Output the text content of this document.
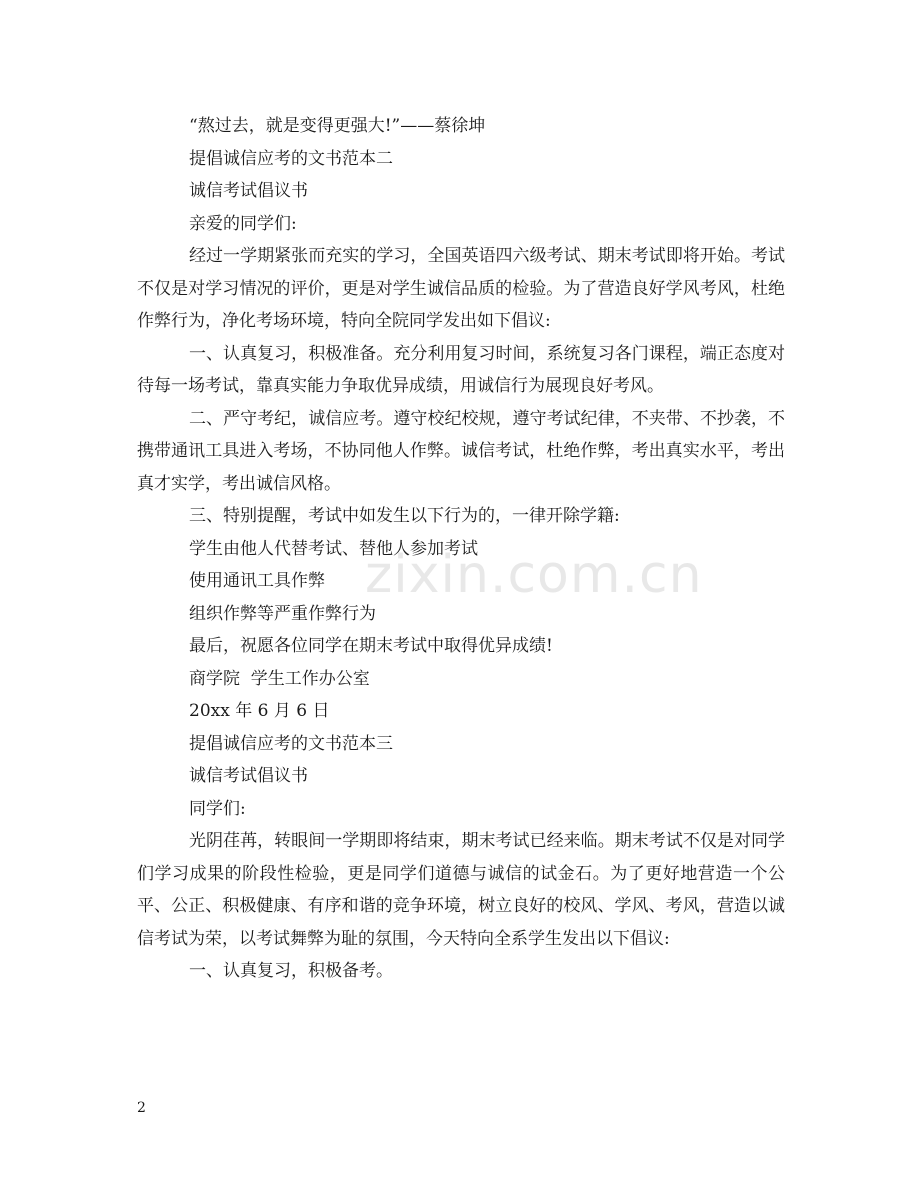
“熬过去，就是变得更强大!”——蔡徐坤

提倡诚信应考的文书范本二

诚信考试倡议书

亲爱的同学们:

经过一学期紧张而充实的学习，全国英语四六级考试、期末考试即将开始。考试不仅是对学习情况的评价，更是对学生诚信品质的检验。为了营造良好学风考风，杜绝作弊行为，净化考场环境，特向全院同学发出如下倡议:

一、认真复习，积极准备。充分利用复习时间，系统复习各门课程，端正态度对待每一场考试，靠真实能力争取优异成绩，用诚信行为展现良好考风。

二、严守考纪，诚信应考。遵守校纪校规，遵守考试纪律，不夹带、不抄袭，不携带通讯工具进入考场，不协同他人作弊。诚信考试，杜绝作弊，考出真实水平，考出真才实学，考出诚信风格。

三、特别提醒，考试中如发生以下行为的，一律开除学籍:

学生由他人代替考试、替他人参加考试

使用通讯工具作弊

组织作弊等严重作弊行为

最后，祝愿各位同学在期末考试中取得优异成绩!

商学院  学生工作办公室

20xx 年 6 月 6 日

提倡诚信应考的文书范本三

诚信考试倡议书

同学们:

光阴荏苒，转眼间一学期即将结束，期末考试已经来临。期末考试不仅是对同学们学习成果的阶段性检验，更是同学们道德与诚信的试金石。为了更好地营造一个公平、公正、积极健康、有序和谐的竞争环境，树立良好的校风、学风、考风，营造以诚信考试为荣，以考试舞弊为耻的氛围，今天特向全系学生发出以下倡议:

一、认真复习，积极备考。

zixin.com.cn
2
